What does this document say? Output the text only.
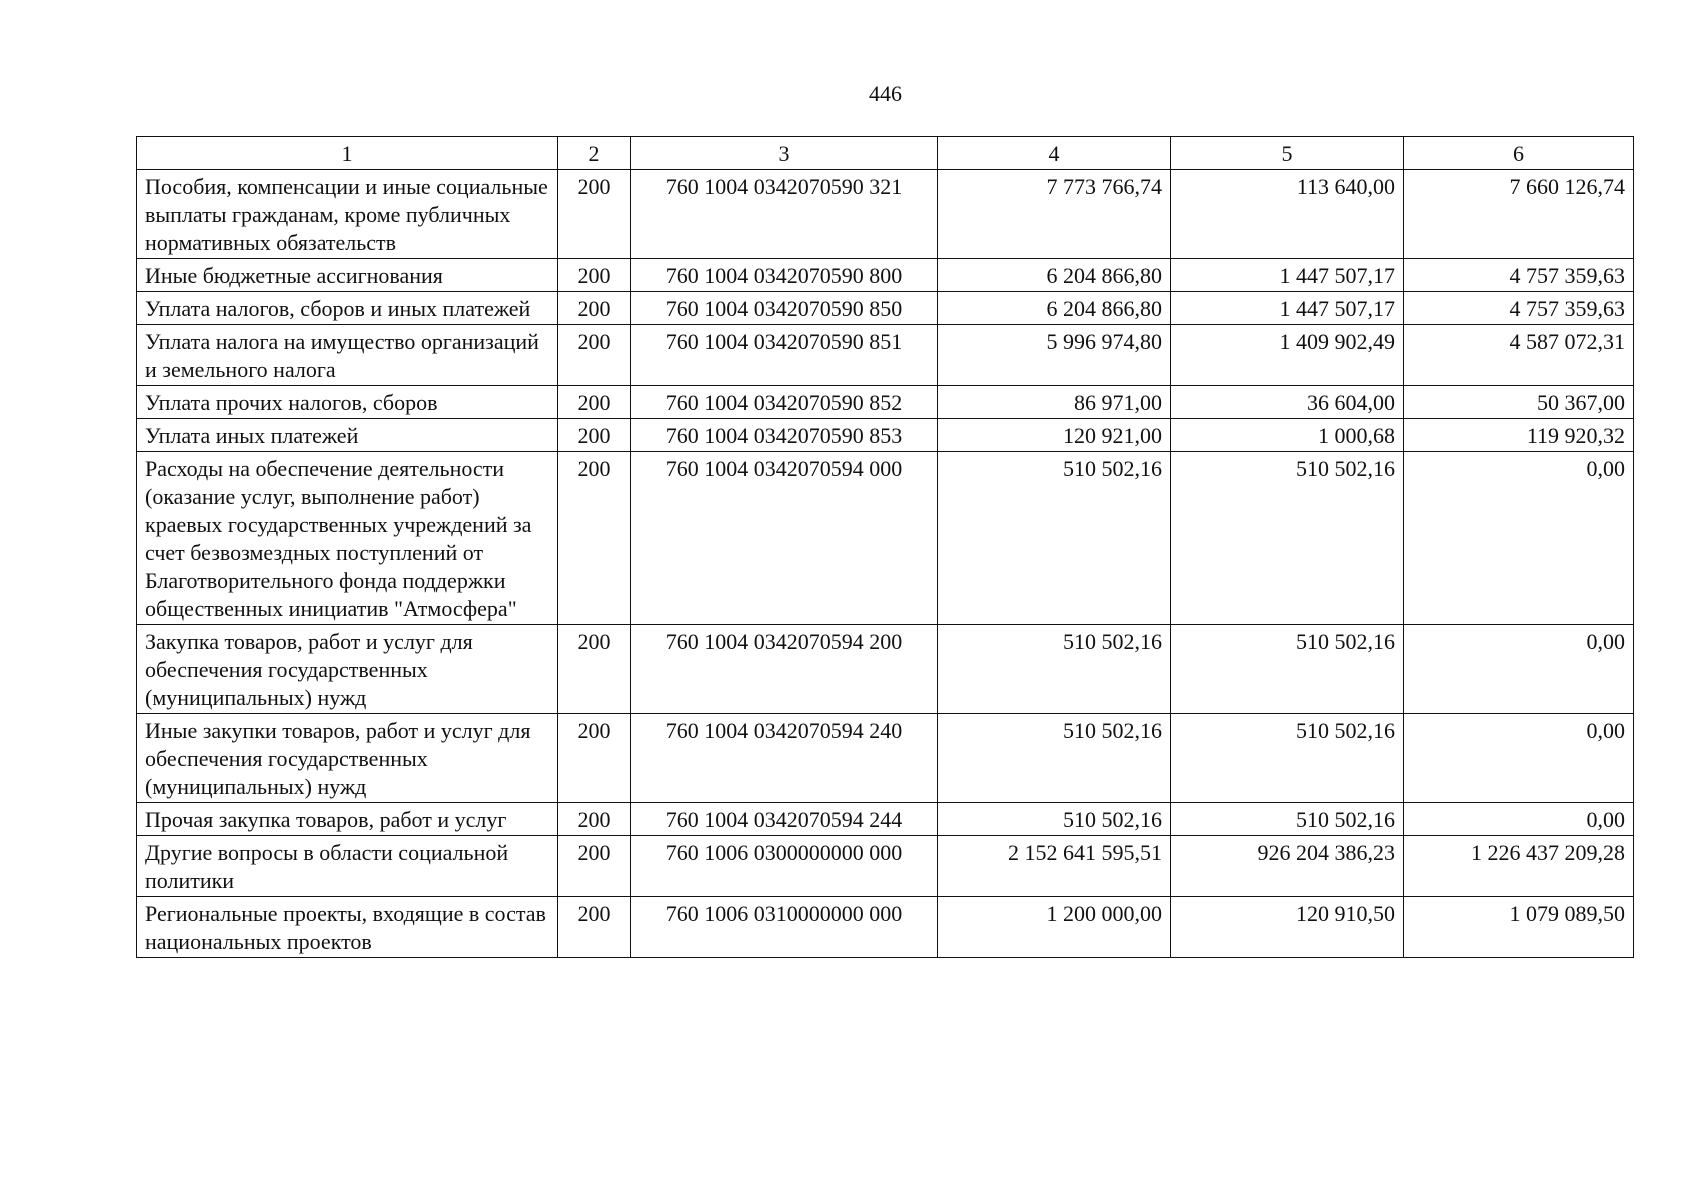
446
1	2	3	4	5	6
Пособия, компенсации и иные социальные выплаты гражданам, кроме публичных нормативных обязательств	200	760 1004 0342070590 321	7 773 766,74	113 640,00	7 660 126,74
Иные бюджетные ассигнования	200	760 1004 0342070590 800	6 204 866,80	1 447 507,17	4 757 359,63
Уплата налогов, сборов и иных платежей	200	760 1004 0342070590 850	6 204 866,80	1 447 507,17	4 757 359,63
Уплата налога на имущество организаций и земельного налога	200	760 1004 0342070590 851	5 996 974,80	1 409 902,49	4 587 072,31
Уплата прочих налогов, сборов	200	760 1004 0342070590 852	86 971,00	36 604,00	50 367,00
Уплата иных платежей	200	760 1004 0342070590 853	120 921,00	1 000,68	119 920,32
Расходы на обеспечение деятельности (оказание услуг, выполнение работ) краевых государственных учреждений за счет безвозмездных поступлений от Благотворительного фонда поддержки общественных инициатив "Атмосфера"	200	760 1004 0342070594 000	510 502,16	510 502,16	0,00
Закупка товаров, работ и услуг для обеспечения государственных (муниципальных) нужд	200	760 1004 0342070594 200	510 502,16	510 502,16	0,00
Иные закупки товаров, работ и услуг для обеспечения государственных (муниципальных) нужд	200	760 1004 0342070594 240	510 502,16	510 502,16	0,00
Прочая закупка товаров, работ и услуг	200	760 1004 0342070594 244	510 502,16	510 502,16	0,00
Другие вопросы в области социальной политики	200	760 1006 0300000000 000	2 152 641 595,51	926 204 386,23	1 226 437 209,28
Региональные проекты, входящие в состав национальных проектов	200	760 1006 0310000000 000	1 200 000,00	120 910,50	1 079 089,50
